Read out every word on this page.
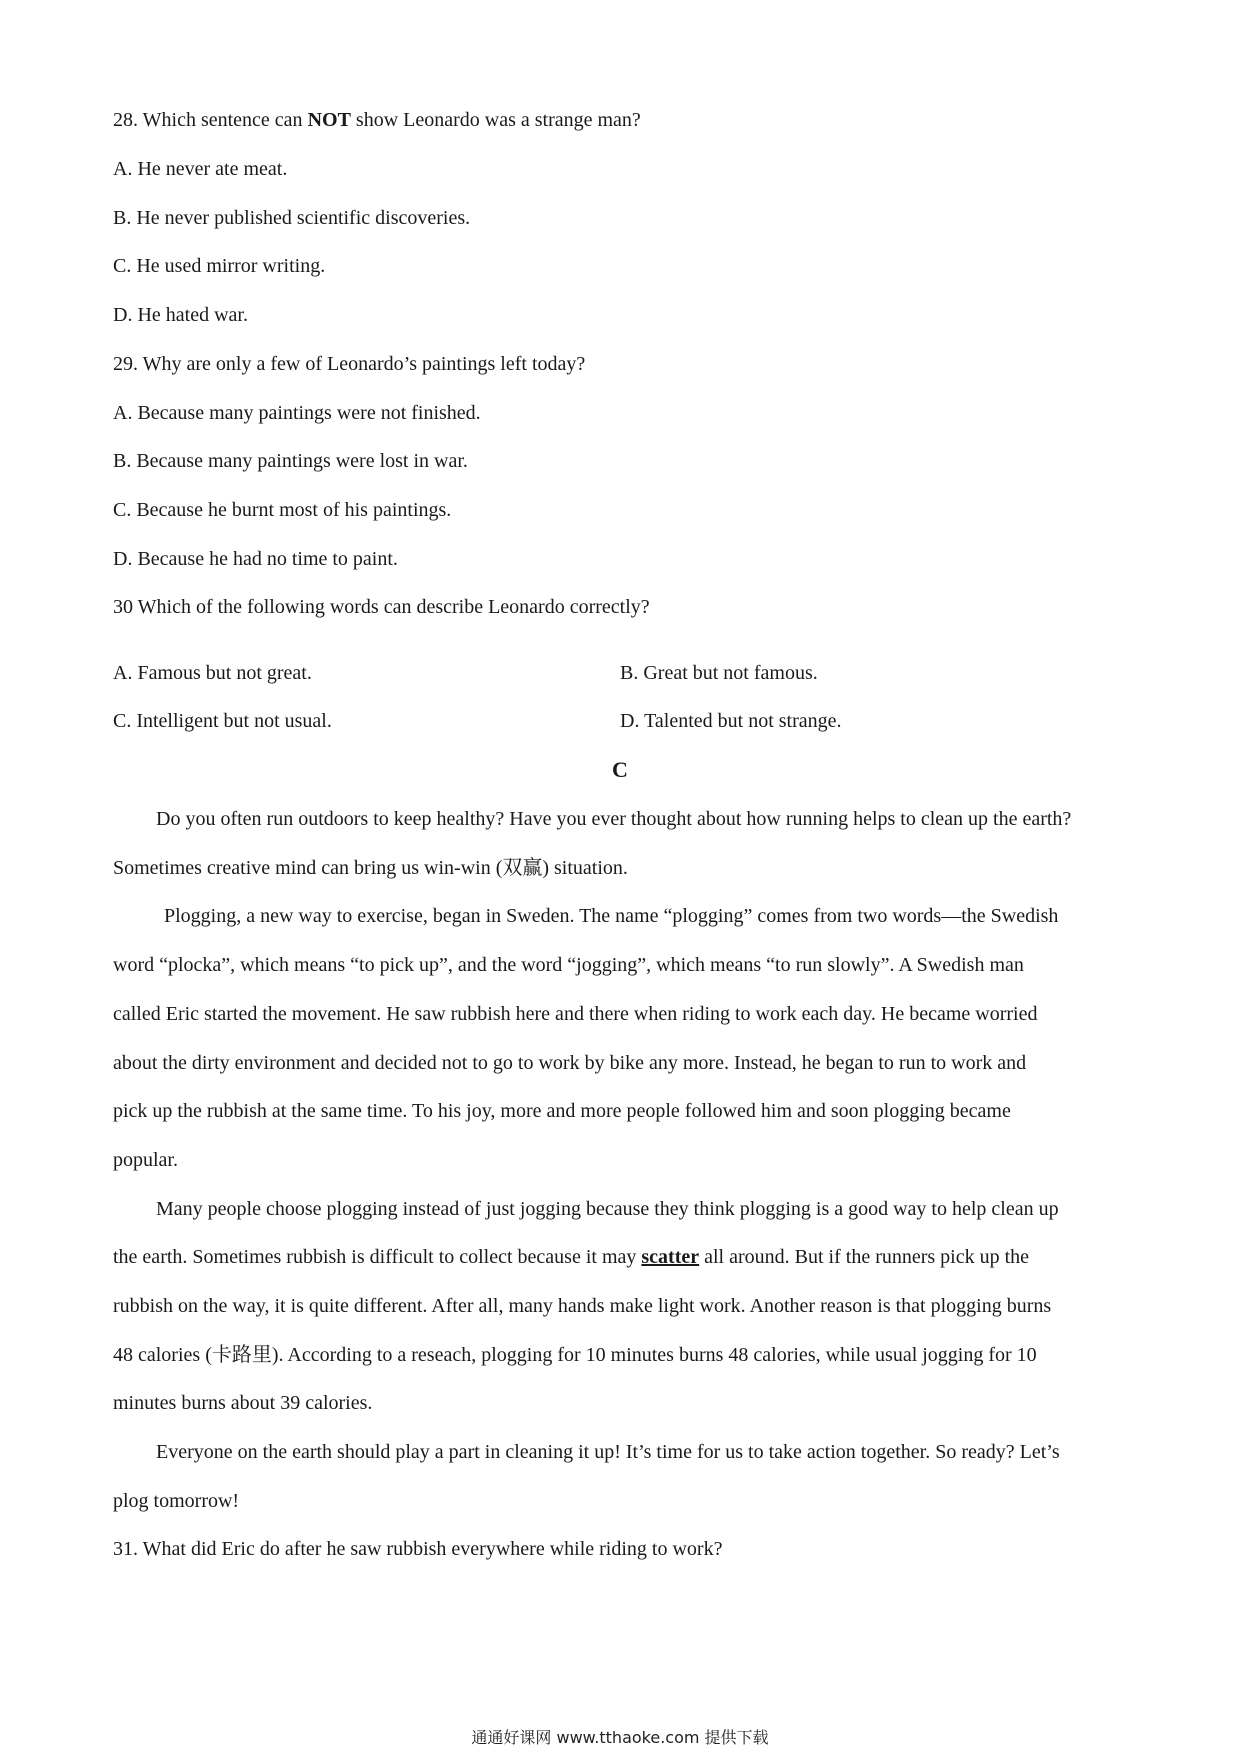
28. Which sentence can NOT show Leonardo was a strange man?
A. He never ate meat.
B. He never published scientific discoveries.
C. He used mirror writing.
D. He hated war.
29. Why are only a few of Leonardo’s paintings left today?
A. Because many paintings were not finished.
B. Because many paintings were lost in war.
C. Because he burnt most of his paintings.
D. Because he had no time to paint.
30 Which of the following words can describe Leonardo correctly?
A. Famous but not great.	B. Great but not famous.
C. Intelligent but not usual.	D. Talented but not strange.
C
Do you often run outdoors to keep healthy? Have you ever thought about how running helps to clean up the earth?
Sometimes creative mind can bring us win-win (双赢) situation.
Plogging, a new way to exercise, began in Sweden. The name “plogging” comes from two words—the Swedish
word “plocka”, which means “to pick up”, and the word “jogging”, which means “to run slowly”. A Swedish man
called Eric started the movement. He saw rubbish here and there when riding to work each day. He became worried
about the dirty environment and decided not to go to work by bike any more. Instead, he began to run to work and
pick up the rubbish at the same time. To his joy, more and more people followed him and soon plogging became
popular.
Many people choose plogging instead of just jogging because they think plogging is a good way to help clean up
the earth. Sometimes rubbish is difficult to collect because it may scatter all around. But if the runners pick up the
rubbish on the way, it is quite different. After all, many hands make light work. Another reason is that plogging burns
48 calories (卡路里). According to a reseach, plogging for 10 minutes burns 48 calories, while usual jogging for 10
minutes burns about 39 calories.
Everyone on the earth should play a part in cleaning it up! It’s time for us to take action together. So ready? Let’s
plog tomorrow!
31. What did Eric do after he saw rubbish everywhere while riding to work?
通通好课网 www.tthaoke.com 提供下载
